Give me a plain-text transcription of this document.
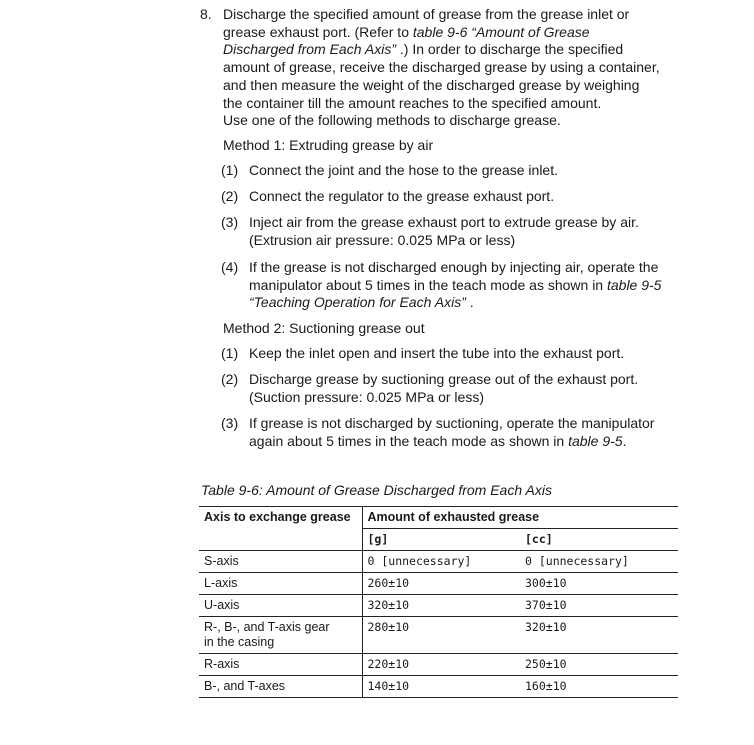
8. Discharge the specified amount of grease from the grease inlet or

grease exhaust port. (Refer to table 9-6 “Amount of Grease

Discharged from Each Axis” .) In order to discharge the specified

amount of grease, receive the discharged grease by using a container,

and then measure the weight of the discharged grease by weighing

the container till the amount reaches to the specified amount.

Use one of the following methods to discharge grease.

Method 1: Extruding grease by air
(1) Connect the joint and the hose to the grease inlet.
(2) Connect the regulator to the grease exhaust port.
(3) Inject air from the grease exhaust port to extrude grease by air.
(Extrusion air pressure: 0.025 MPa or less)
(4) If the grease is not discharged enough by injecting air, operate the
manipulator about 5 times in the teach mode as shown in table 9-5
“Teaching Operation for Each Axis” .
Method 2: Suctioning grease out
(1) Keep the inlet open and insert the tube into the exhaust port.
(2) Discharge grease by suctioning grease out of the exhaust port.
(Suction pressure: 0.025 MPa or less)
(3) If grease is not discharged by suctioning, operate the manipulator
again about 5 times in the teach mode as shown in table 9-5.
Table 9-6: Amount of Grease Discharged from Each Axis
Axis to exchange grease	Amount of exhausted grease	
	[g]	[cc]
S-axis	0 [unnecessary]	0 [unnecessary]
L-axis	260±10	300±10
U-axis	320±10	370±10

R-, B-, and T-axis gear
in the casing	280±10	320±10
R-axis	220±10	250±10
B-, and T-axes	140±10	160±10
